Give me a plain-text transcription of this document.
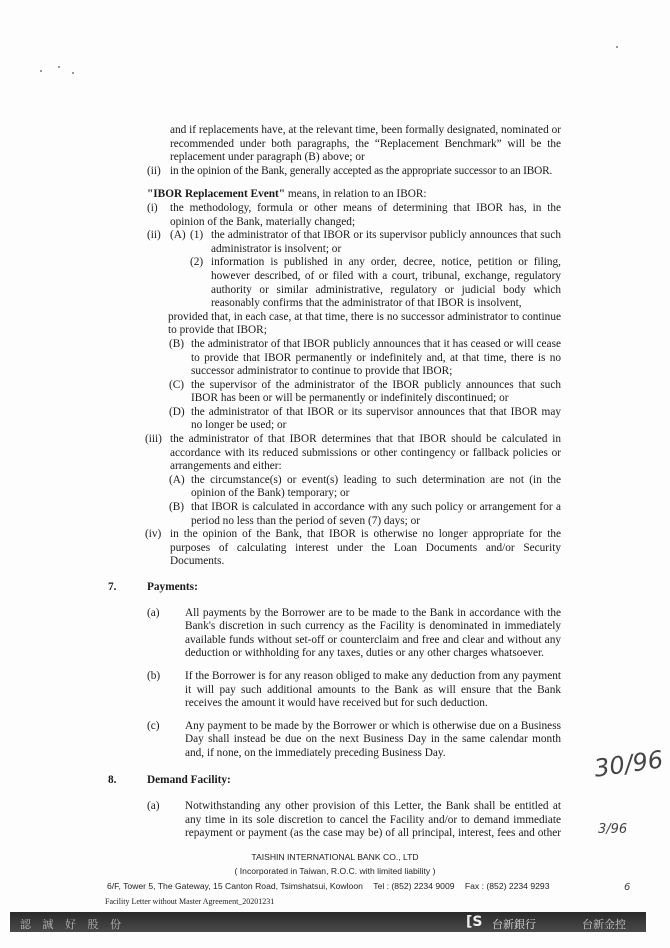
and if replacements have, at the relevant time, been formally designated, nominated or recommended under both paragraphs, the “Replacement Benchmark” will be the replacement under paragraph (B) above; or
(ii) in the opinion of the Bank, generally accepted as the appropriate successor to an IBOR.
"IBOR Replacement Event" means, in relation to an IBOR:
(i)	the methodology, formula or other means of determining that IBOR has, in the opinion of the Bank, materially changed;
(ii) (A) (1) the administrator of that IBOR or its supervisor publicly announces that such administrator is insolvent; or
(2) information is published in any order, decree, notice, petition or filing, however described, of or filed with a court, tribunal, exchange, regulatory authority or similar administrative, regulatory or judicial body which reasonably confirms that the administrator of that IBOR is insolvent,
provided that, in each case, at that time, there is no successor administrator to continue to provide that IBOR;
(B) the administrator of that IBOR publicly announces that it has ceased or will cease to provide that IBOR permanently or indefinitely and, at that time, there is no successor administrator to continue to provide that IBOR;
(C) the supervisor of the administrator of the IBOR publicly announces that such IBOR has been or will be permanently or indefinitely discontinued; or
(D) the administrator of that IBOR or its supervisor announces that that IBOR may no longer be used; or
(iii) the administrator of that IBOR determines that that IBOR should be calculated in accordance with its reduced submissions or other contingency or fallback policies or arrangements and either:
(A) the circumstance(s) or event(s) leading to such determination are not (in the opinion of the Bank) temporary; or
(B) that IBOR is calculated in accordance with any such policy or arrangement for a period no less than the period of seven (7) days; or
(iv) in the opinion of the Bank, that IBOR is otherwise no longer appropriate for the purposes of calculating interest under the Loan Documents and/or Security Documents.
7.	Payments:
(a)	All payments by the Borrower are to be made to the Bank in accordance with the Bank's discretion in such currency as the Facility is denominated in immediately available funds without set-off or counterclaim and free and clear and without any deduction or withholding for any taxes, duties or any other charges whatsoever.
(b)	If the Borrower is for any reason obliged to make any deduction from any payment it will pay such additional amounts to the Bank as will ensure that the Bank receives the amount it would have received but for such deduction.
(c)	Any payment to be made by the Borrower or which is otherwise due on a Business Day shall instead be due on the next Business Day in the same calendar month and, if none, on the immediately preceding Business Day.
8.	Demand Facility:
(a)	Notwithstanding any other provision of this Letter, the Bank shall be entitled at any time in its sole discretion to cancel the Facility and/or to demand immediate repayment or payment (as the case may be) of all principal, interest, fees and other
30/96
3/96
6
TAISHIN INTERNATIONAL BANK CO., LTD
( Incorporated in Taiwan, R.O.C. with limited liability )
6/F, Tower 5, The Gateway, 15 Canton Road, Tsimshatsui, Kowloon Tel : (852) 2234 9009 Fax : (852) 2234 9293
Facility Letter without Master Agreement_20201231
認 誠 好 股 份	[S 台新銀行	台新金控
